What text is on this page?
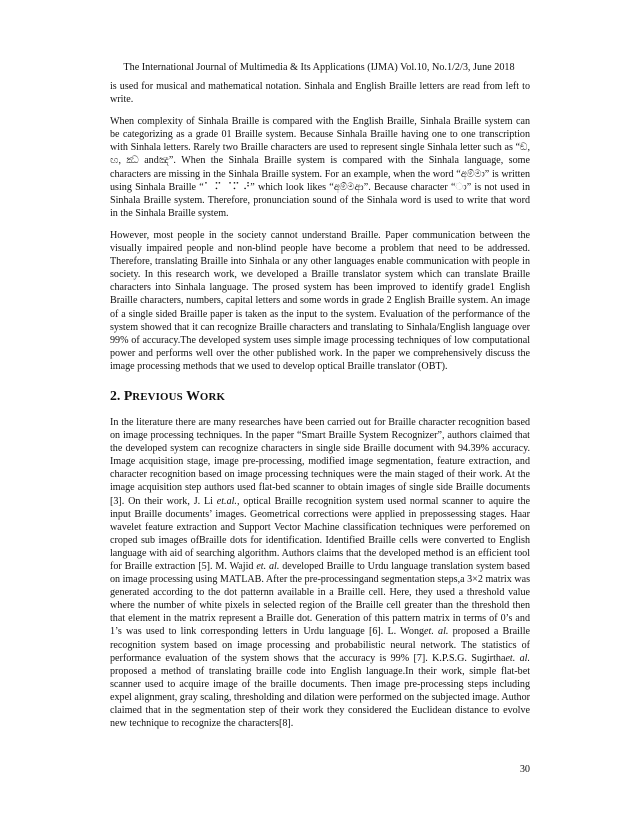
The International Journal of Multimedia & Its Applications (IJMA) Vol.10, No.1/2/3, June 2018

is used for musical and mathematical notation. Sinhala and English Braille letters are read from left to write.

When complexity of Sinhala Braille is compared with the English Braille, Sinhala Braille system can be categorizing as a grade 01 Braille system. Because Sinhala Braille having one to one transcription with Sinhala letters. Rarely two Braille characters are used to represent single Sinhala letter such as “ඞ, ඟ, ඣ andඤ”. When the Sinhala Braille system is compared with the Sinhala language, some characters are missing in the Sinhala Braille system. For an example, when the word “අම්මා” is written using Sinhala Braille “⠁ ⠍ ⠈⠍ ⠜” which look likes “අම්මආ”. Because character “ා” is not used in Sinhala Braille system. Therefore, pronunciation sound of the Sinhala word is used to write that word in the Sinhala Braille system.

However, most people in the society cannot understand Braille. Paper communication between the visually impaired people and non-blind people have become a problem that need to be addressed. Therefore, translating Braille into Sinhala or any other languages enable communication with people in society. In this research work, we developed a Braille translator system which can translate Braille characters into Sinhala language. The prosed system has been improved to identify grade1 English Braille characters, numbers, capital letters and some words in grade 2 English Braille system. An image of a single sided Braille paper is taken as the input to the system. Evaluation of the performance of the system showed that it can recognize Braille characters and translating to Sinhala/English language over 99% of accuracy.The developed system uses simple image processing techniques of low computational power and performs well over the other published work. In the paper we comprehensively discuss the image processing methods that we used to develop optical Braille translator (OBT).

2. PREVIOUS WORK

In the literature there are many researches have been carried out for Braille character recognition based on image processing techniques. In the paper “Smart Braille System Recognizer”, authors claimed that the developed system can recognize characters in single side Braille document with 94.39% accuracy. Image acquisition stage, image pre-processing, modified image segmentation, feature extraction, and character recognition based on image processing techniques were the main staged of their work. At the image acquisition step authors used flat-bed scanner to obtain images of single side Braille documents [3]. On their work, J. Li et.al., optical Braille recognition system used normal scanner to aquire the input Braille documents’ images. Geometrical corrections were applied in prepossessing stages. Haar wavelet feature extraction and Support Vector Machine classification techniques were perforemed on croped sub images ofBraille dots for identification. Identified Braille cells were converted to English language with aid of searching algorithm. Authors claims that the developed method is an efficient tool for Braille extraction [5]. M. Wajid et. al. developed Braille to Urdu language translation system based on image processing using MATLAB. After the pre-processingand segmentation steps,a 3×2 matrix was generated according to the dot patternn available in a Braille cell. Here, they used a threshold value where the number of white pixels in selected region of the Braille cell greater than the threshold then that element in the matrix represent a Braille dot. Generation of this pattern matrix in terms of 0’s and 1’s was used to link corresponding letters in Urdu language [6]. L. Wonget. al. proposed a Braille recognition system based on image processing and probabilistic neural network. The statistics of performance evaluation of the system shows that the accuracy is 99% [7]. K.P.S.G. Sugirthaet. al. proposed a method of translating braille code into English language.In their work, simple flat-bet scanner used to acquire image of the braille documents. Then image pre-processing steps including expel alignment, gray scaling, thresholding and dilation were performed on the subjected image. Author claimed that in the segmentation step of their work they considered the Euclidean distance to evolve new technique to recognize the characters[8].

30
